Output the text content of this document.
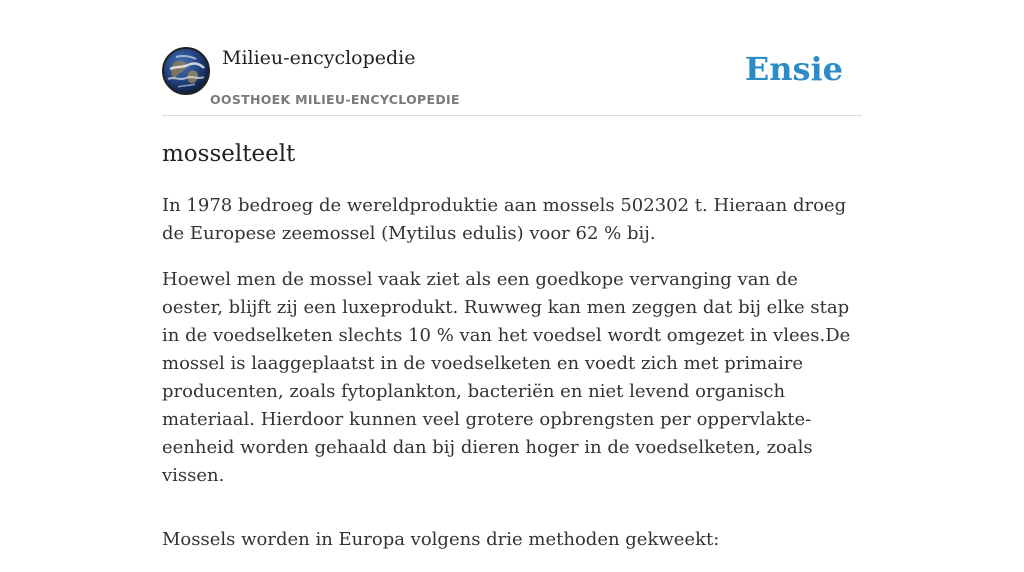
Milieu-encyclopedie
OOSTHOEK MILIEU-ENCYCLOPEDIE
Ensie
mosselteelt

In 1978 bedroeg de wereldproduktie aan mossels 502302 t. Hieraan droeg de Europese zeemossel (Mytilus edulis) voor 62 % bij.

Hoewel men de mossel vaak ziet als een goedkope vervanging van de oester, blijft zij een luxeprodukt. Ruwweg kan men zeggen dat bij elke stap in de voedselketen slechts 10 % van het voedsel wordt omgezet in vlees.De mossel is laaggeplaatst in de voedselketen en voedt zich met primaire producenten, zoals fytoplankton, bacteriën en niet levend organisch materiaal. Hierdoor kunnen veel grotere opbrengsten per oppervlakte-eenheid worden gehaald dan bij dieren hoger in de voedselketen, zoals vissen.

Mossels worden in Europa volgens drie methoden gekweekt:
